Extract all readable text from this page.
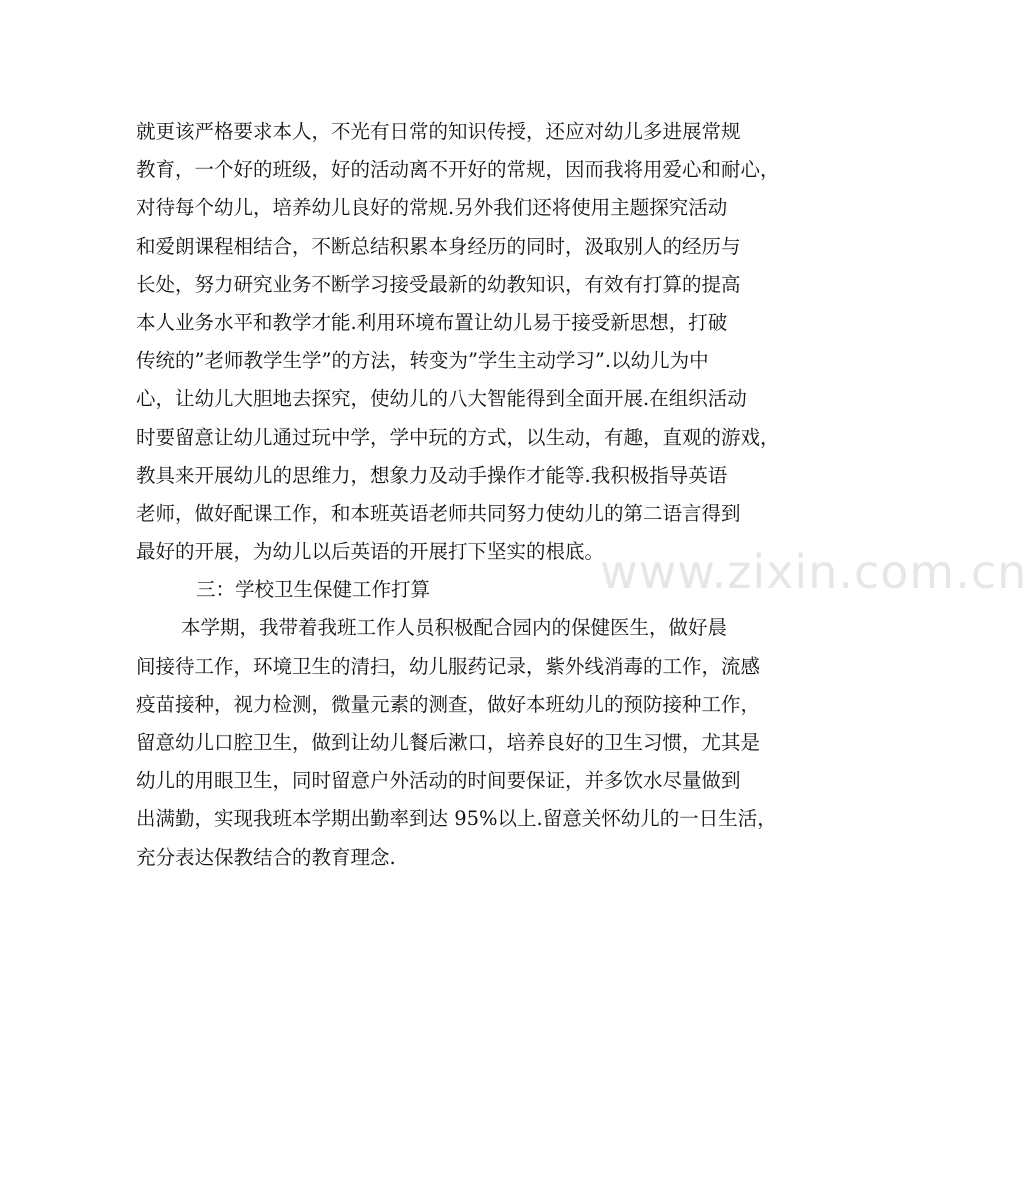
就更该严格要求本人，不光有日常的知识传授，还应对幼儿多进展常规
教育，一个好的班级，好的活动离不开好的常规，因而我将用爱心和耐心，
对待每个幼儿，培养幼儿良好的常规.另外我们还将使用主题探究活动
和爱朗课程相结合，不断总结积累本身经历的同时，汲取别人的经历与
长处，努力研究业务不断学习接受最新的幼教知识，有效有打算的提高
本人业务水平和教学才能.利用环境布置让幼儿易于接受新思想，打破
传统的”老师教学生学”的方法，转变为”学生主动学习”.以幼儿为中
心，让幼儿大胆地去探究，使幼儿的八大智能得到全面开展.在组织活动
时要留意让幼儿通过玩中学，学中玩的方式，以生动，有趣，直观的游戏，
教具来开展幼儿的思维力，想象力及动手操作才能等.我积极指导英语
老师，做好配课工作，和本班英语老师共同努力使幼儿的第二语言得到
最好的开展，为幼儿以后英语的开展打下坚实的根底。
三：学校卫生保健工作打算
本学期，我带着我班工作人员积极配合园内的保健医生，做好晨
间接待工作，环境卫生的清扫，幼儿服药记录，紫外线消毒的工作，流感
疫苗接种，视力检测，微量元素的测查，做好本班幼儿的预防接种工作，
留意幼儿口腔卫生，做到让幼儿餐后漱口，培养良好的卫生习惯，尤其是
幼儿的用眼卫生，同时留意户外活动的时间要保证，并多饮水尽量做到
出满勤，实现我班本学期出勤率到达 95%以上.留意关怀幼儿的一日生活，
充分表达保教结合的教育理念.
www.zixin.com.cn
